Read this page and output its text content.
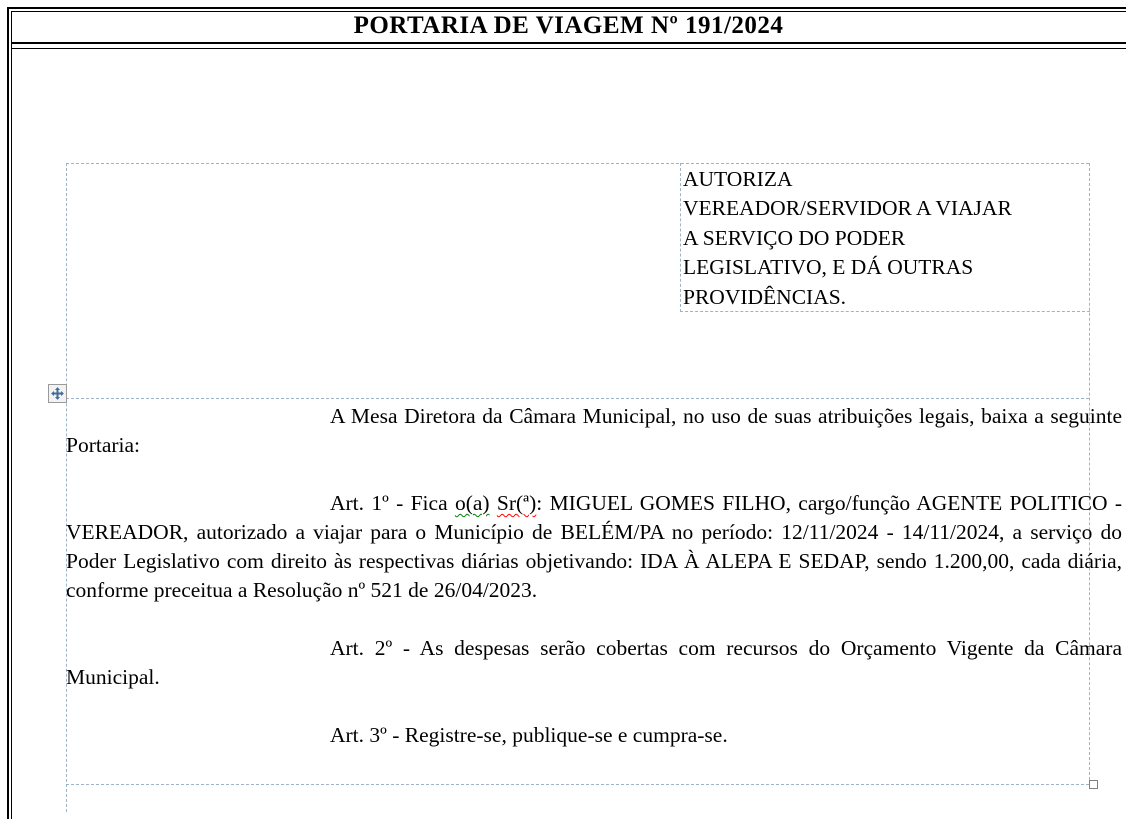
PORTARIA DE VIAGEM Nº 191/2024
AUTORIZA
VEREADOR/SERVIDOR A VIAJAR
A SERVIÇO DO PODER
LEGISLATIVO, E DÁ OUTRAS
PROVIDÊNCIAS.

A Mesa Diretora da Câmara Municipal, no uso de suas atribuições legais, baixa a seguinte Portaria:

Art. 1º - Fica o(a) Sr(ª): MIGUEL GOMES FILHO, cargo/função AGENTE POLITICO - VEREADOR, autorizado a viajar para o Município de BELÉM/PA no período: 12/11/2024 - 14/11/2024, a serviço do Poder Legislativo com direito às respectivas diárias objetivando: IDA À ALEPA E SEDAP, sendo 1.200,00, cada diária, conforme preceitua a Resolução nº 521 de 26/04/2023.

Art. 2º - As despesas serão cobertas com recursos do Orçamento Vigente da Câmara Municipal.

Art. 3º - Registre-se, publique-se e cumpra-se.
